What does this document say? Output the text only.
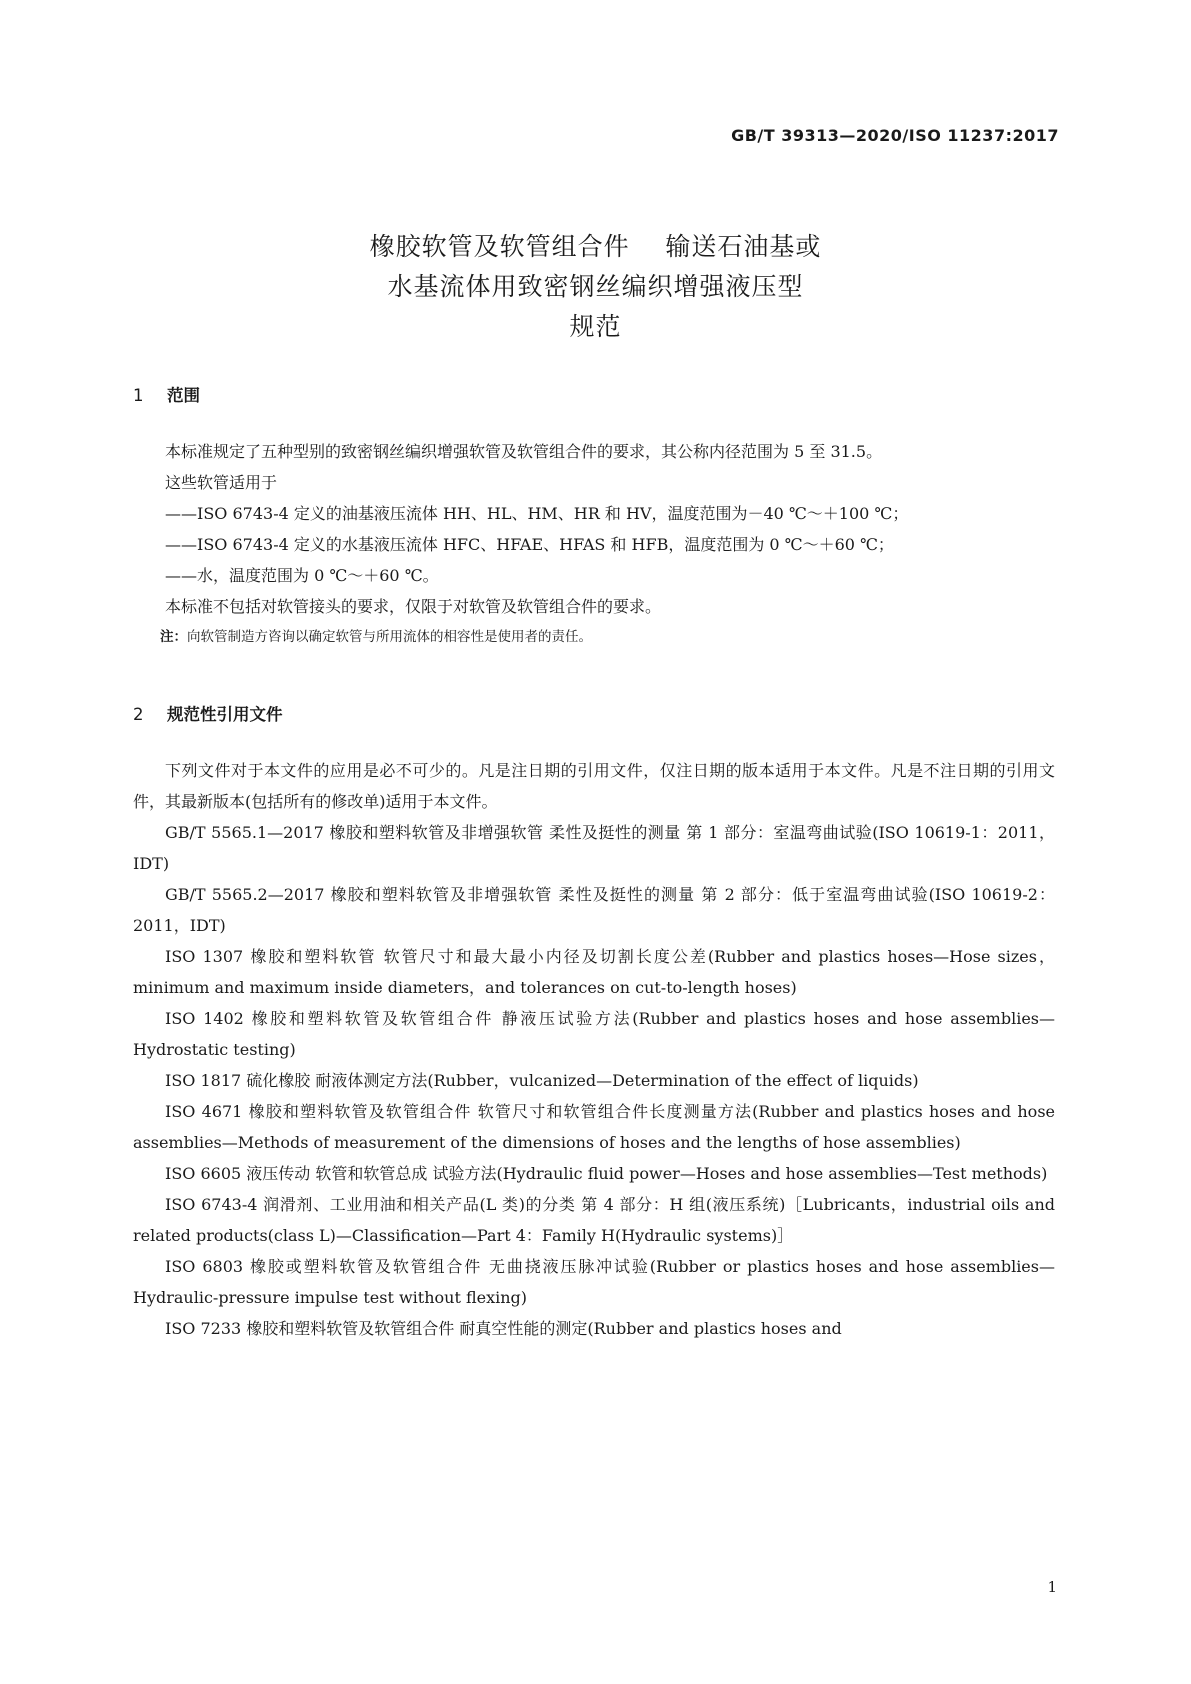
GB/T 39313—2020/ISO 11237:2017
橡胶软管及软管组合件    输送石油基或
水基流体用致密钢丝编织增强液压型
规范
1 范围

本标准规定了五种型别的致密钢丝编织增强软管及软管组合件的要求，其公称内径范围为 5 至 31.5。

这些软管适用于

——ISO 6743-4 定义的油基液压流体 HH、HL、HM、HR 和 HV，温度范围为－40 ℃～＋100 ℃；

——ISO 6743-4 定义的水基液压流体 HFC、HFAE、HFAS 和 HFB，温度范围为 0 ℃～＋60 ℃；

——水，温度范围为 0 ℃～＋60 ℃。

本标准不包括对软管接头的要求，仅限于对软管及软管组合件的要求。

注：向软管制造方咨询以确定软管与所用流体的相容性是使用者的责任。

2 规范性引用文件

下列文件对于本文件的应用是必不可少的。凡是注日期的引用文件，仅注日期的版本适用于本文件。凡是不注日期的引用文件，其最新版本(包括所有的修改单)适用于本文件。

GB/T 5565.1—2017 橡胶和塑料软管及非增强软管 柔性及挺性的测量 第 1 部分：室温弯曲试验(ISO 10619-1：2011，IDT)

GB/T 5565.2—2017 橡胶和塑料软管及非增强软管 柔性及挺性的测量 第 2 部分：低于室温弯曲试验(ISO 10619-2：2011，IDT)

ISO 1307 橡胶和塑料软管 软管尺寸和最大最小内径及切割长度公差(Rubber and plastics hoses—Hose sizes，minimum and maximum inside diameters，and tolerances on cut-to-length hoses)

ISO 1402 橡胶和塑料软管及软管组合件 静液压试验方法(Rubber and plastics hoses and hose assemblies—Hydrostatic testing)

ISO 1817 硫化橡胶 耐液体测定方法(Rubber，vulcanized—Determination of the effect of liquids)

ISO 4671 橡胶和塑料软管及软管组合件 软管尺寸和软管组合件长度测量方法(Rubber and plastics hoses and hose assemblies—Methods of measurement of the dimensions of hoses and the lengths of hose assemblies)

ISO 6605 液压传动 软管和软管总成 试验方法(Hydraulic fluid power—Hoses and hose assemblies—Test methods)

ISO 6743-4 润滑剂、工业用油和相关产品(L 类)的分类 第 4 部分：H 组(液压系统)［Lubricants，industrial oils and related products(class L)—Classification—Part 4：Family H(Hydraulic systems)］

ISO 6803 橡胶或塑料软管及软管组合件 无曲挠液压脉冲试验(Rubber or plastics hoses and hose assemblies—Hydraulic-pressure impulse test without flexing)

ISO 7233 橡胶和塑料软管及软管组合件 耐真空性能的测定(Rubber and plastics hoses and

1
